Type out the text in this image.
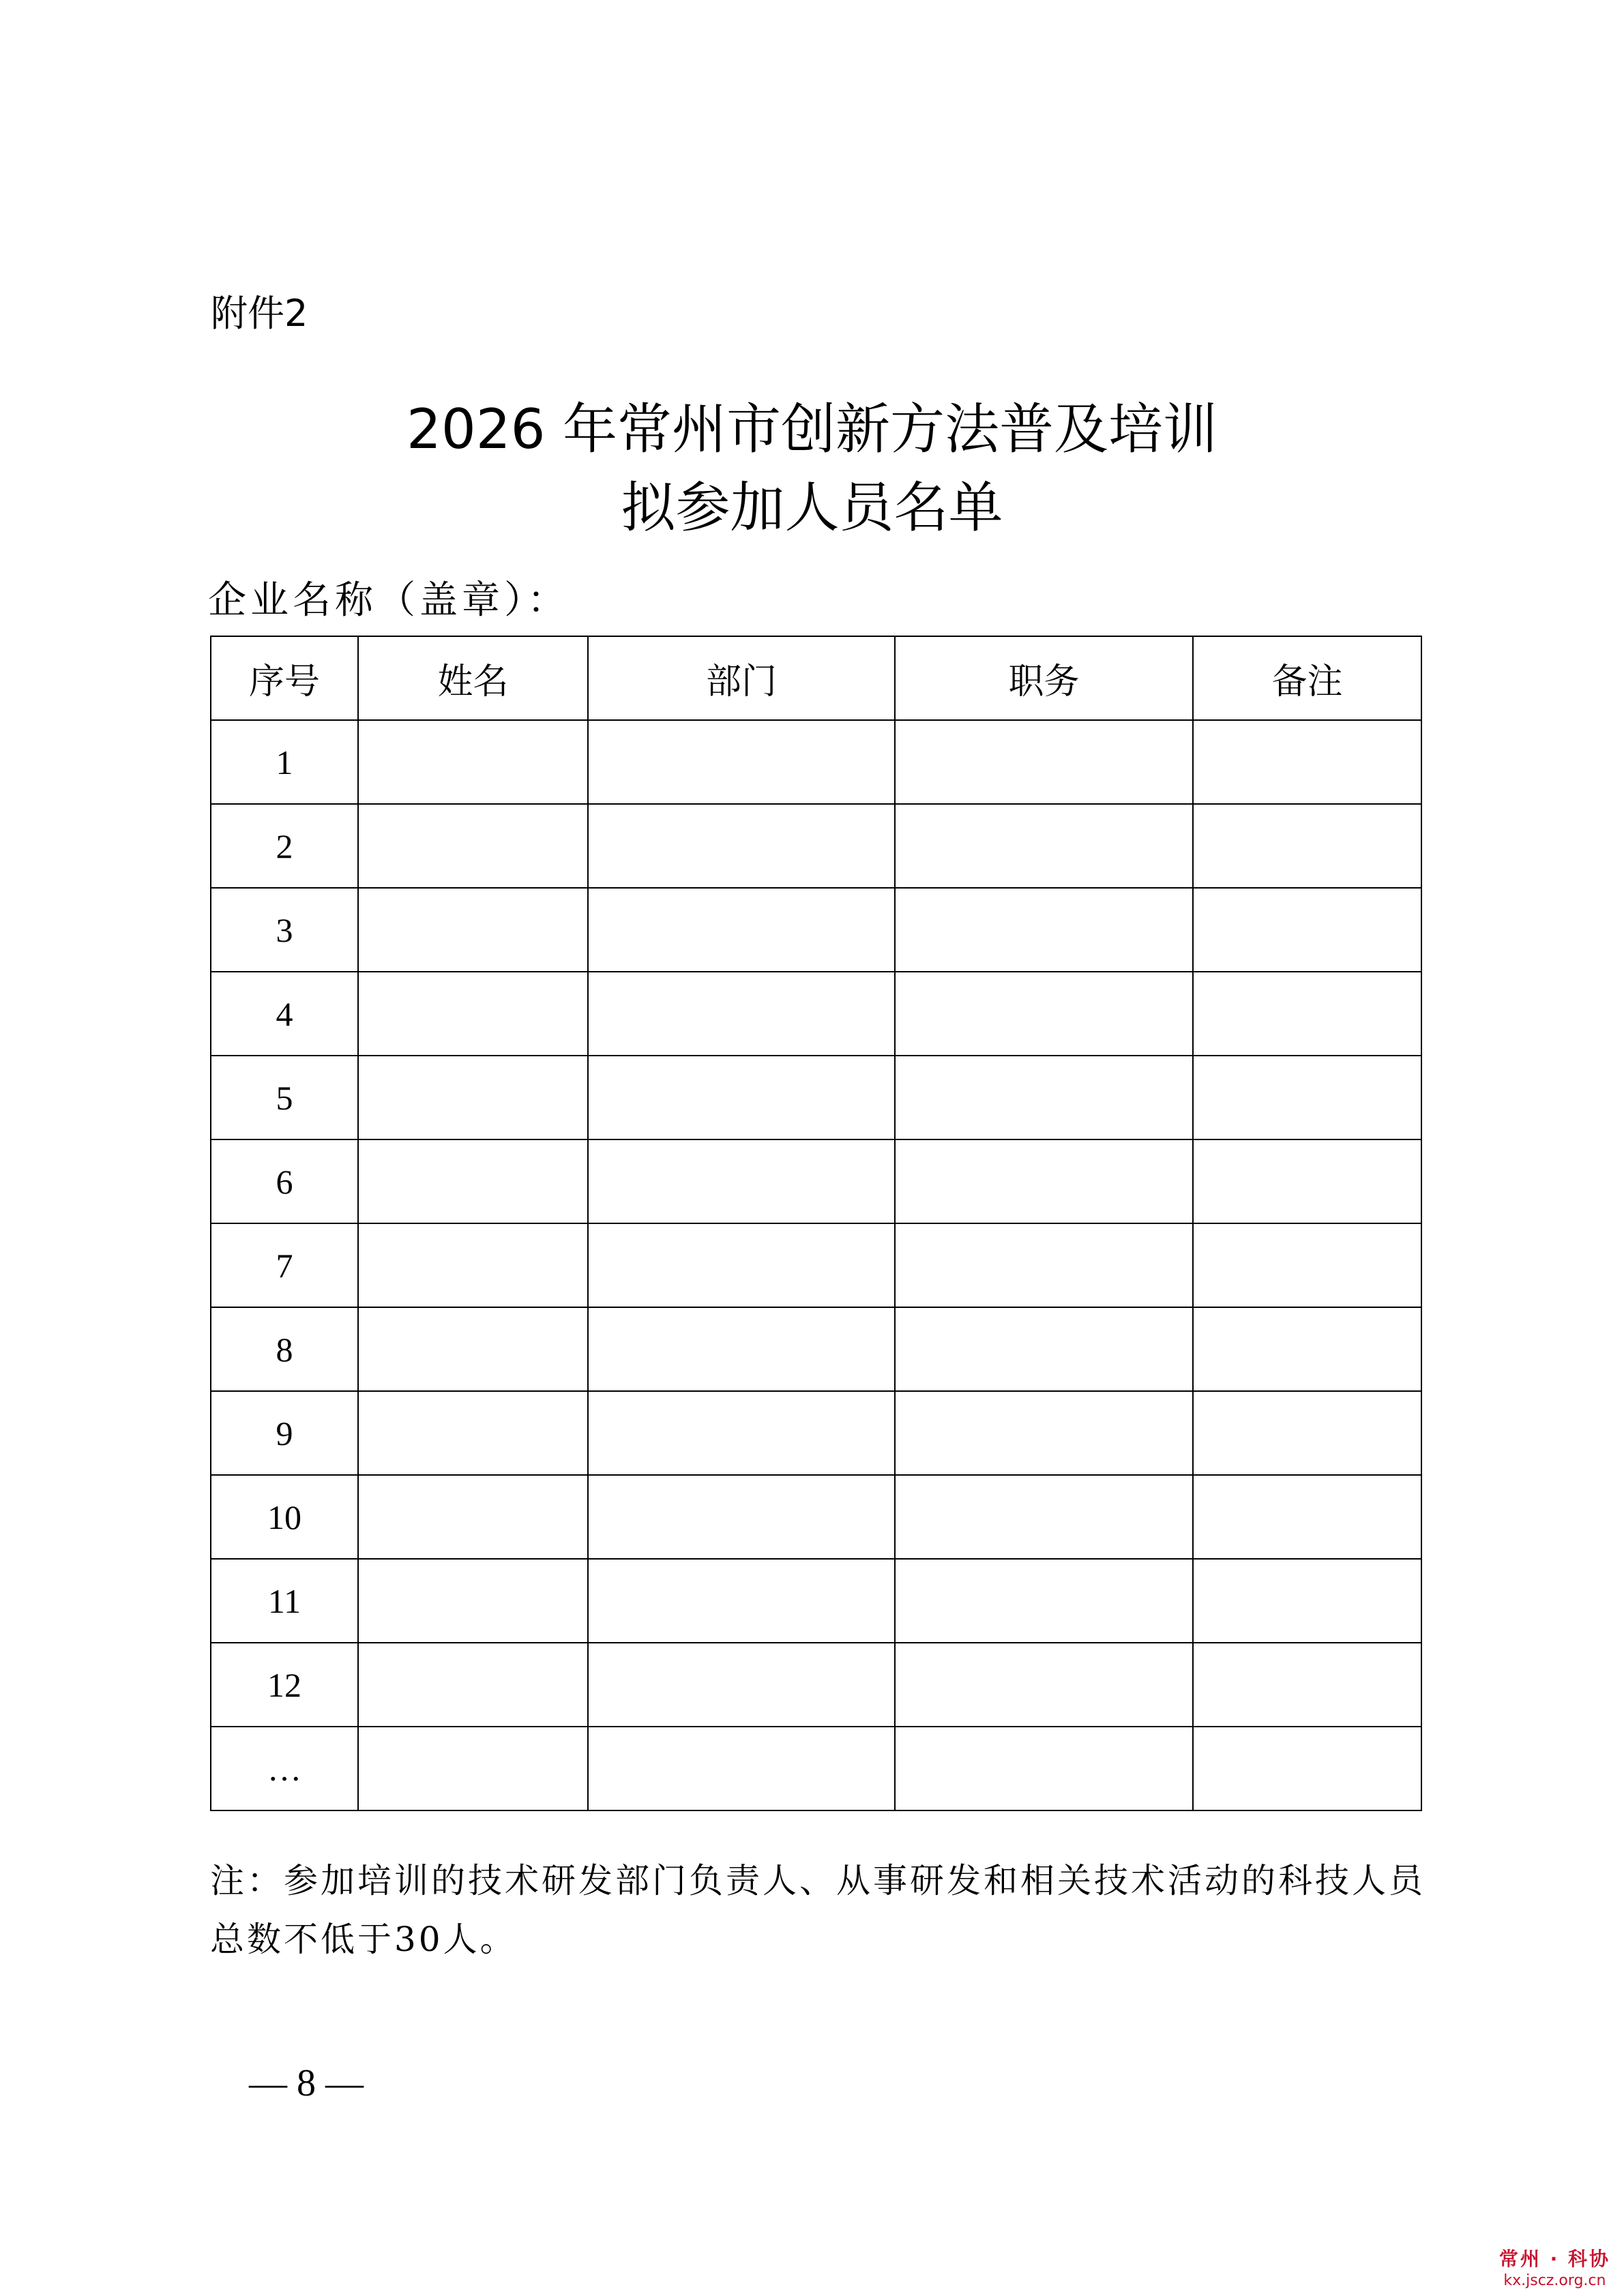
附件2
2026 年常州市创新方法普及培训
拟参加人员名单
企业名称（盖章）：
序号	姓名	部门	职务	备注
1				
2				
3				
4				
5				
6				
7				
8				
9				
10				
11				
12				
…				
注：参加培训的技术研发部门负责人、从事研发和相关技术活动的科技人员总数不低于30人。
— 8 —
常州 · 科协
kx.jscz.org.cn
